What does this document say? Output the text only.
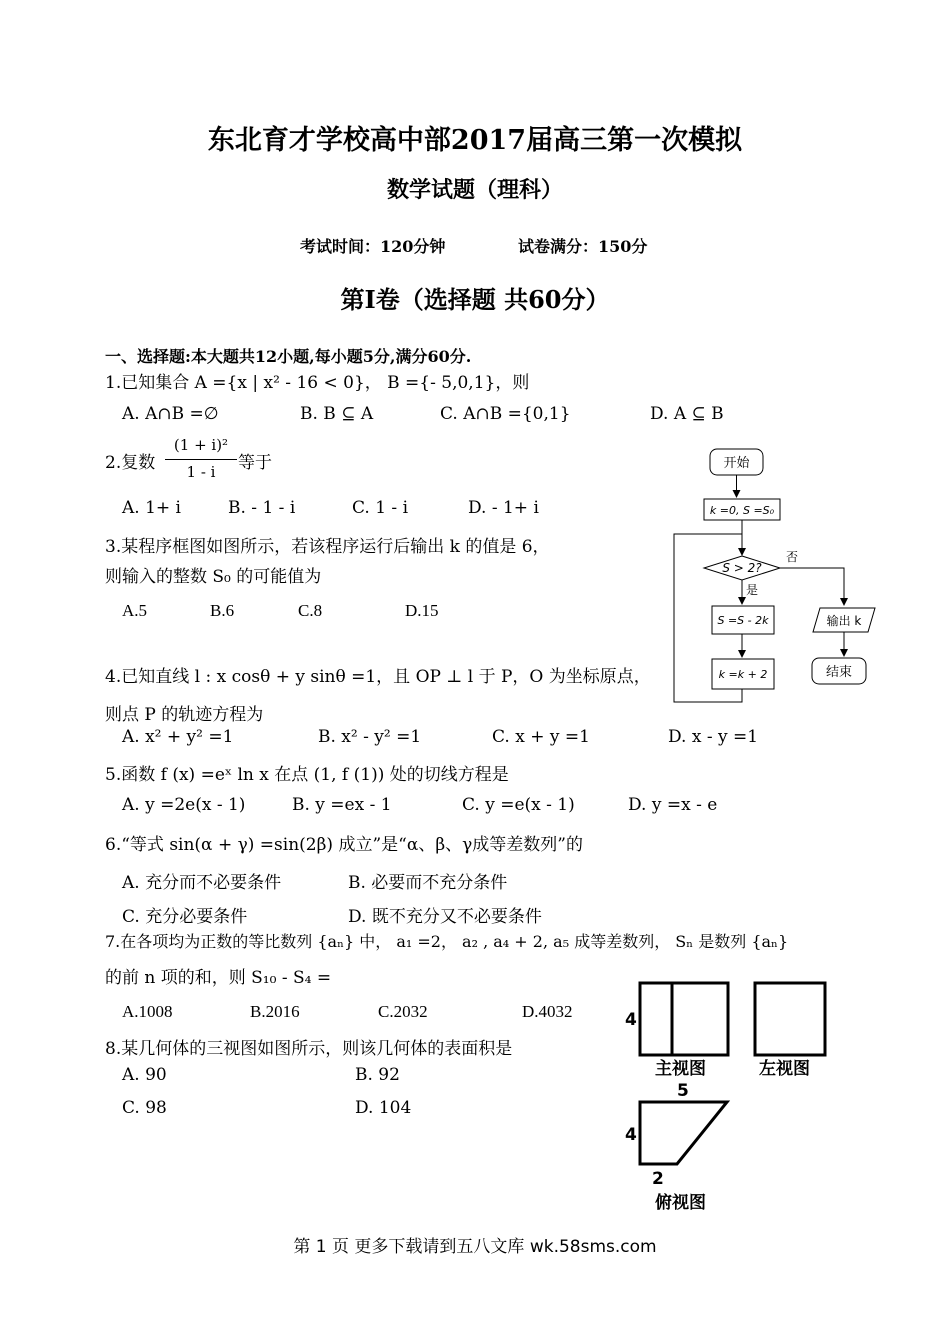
东北育才学校高中部2017届高三第一次模拟
数学试题（理科）
考试时间：120分钟	试卷满分：150分
第Ⅰ卷（选择题 共60分）
一、选择题:本大题共12小题,每小题5分,满分60分.
1.已知集合 A ={x | x² - 16 < 0}， B ={- 5,0,1}，则
A. A∩B =∅	B. B ⊆ A	C. A∩B ={0,1}	D. A ⊆ B
2.复数
(1 + i)²
1 - i	等于
A. 1+ i	B. - 1 - i	C. 1 - i	D. - 1+ i
3.某程序框图如图所示，若该程序运行后输出 k 的值是 6，
则输入的整数 S₀ 的可能值为
A.5	B.6	C.8	D.15
4.已知直线 l : x cosθ + y sinθ =1，且 OP ⊥ l 于 P，O 为坐标原点，
则点 P 的轨迹方程为
A. x² + y² =1	B. x² - y² =1	C. x + y =1	D. x - y =1
5.函数 f (x) =eˣ ln x 在点 (1, f (1)) 处的切线方程是
A. y =2e(x - 1)	B. y =ex - 1	C. y =e(x - 1)	D. y =x - e
6.“等式 sin(α + γ) =sin(2β) 成立”是“α、β、γ成等差数列”的
A. 充分而不必要条件	B. 必要而不充分条件
C. 充分必要条件	D. 既不充分又不必要条件
7.在各项均为正数的等比数列 {aₙ} 中， a₁ =2， a₂ , a₄ + 2, a₅ 成等差数列， Sₙ 是数列 {aₙ}
的前 n 项的和，则 S₁₀ - S₄ =
A.1008	B.2016	C.2032	D.4032
8.某几何体的三视图如图所示，则该几何体的表面积是
A. 90	B. 92
C. 98	D. 104
开始
k =0, S =S₀
S > 2?
否
是
S =S - 2k
k =k + 2
输出 k
结束
4
主视图	左视图
5
4
2
俯视图
第 1 页 更多下载请到五八文库 wk.58sms.com
